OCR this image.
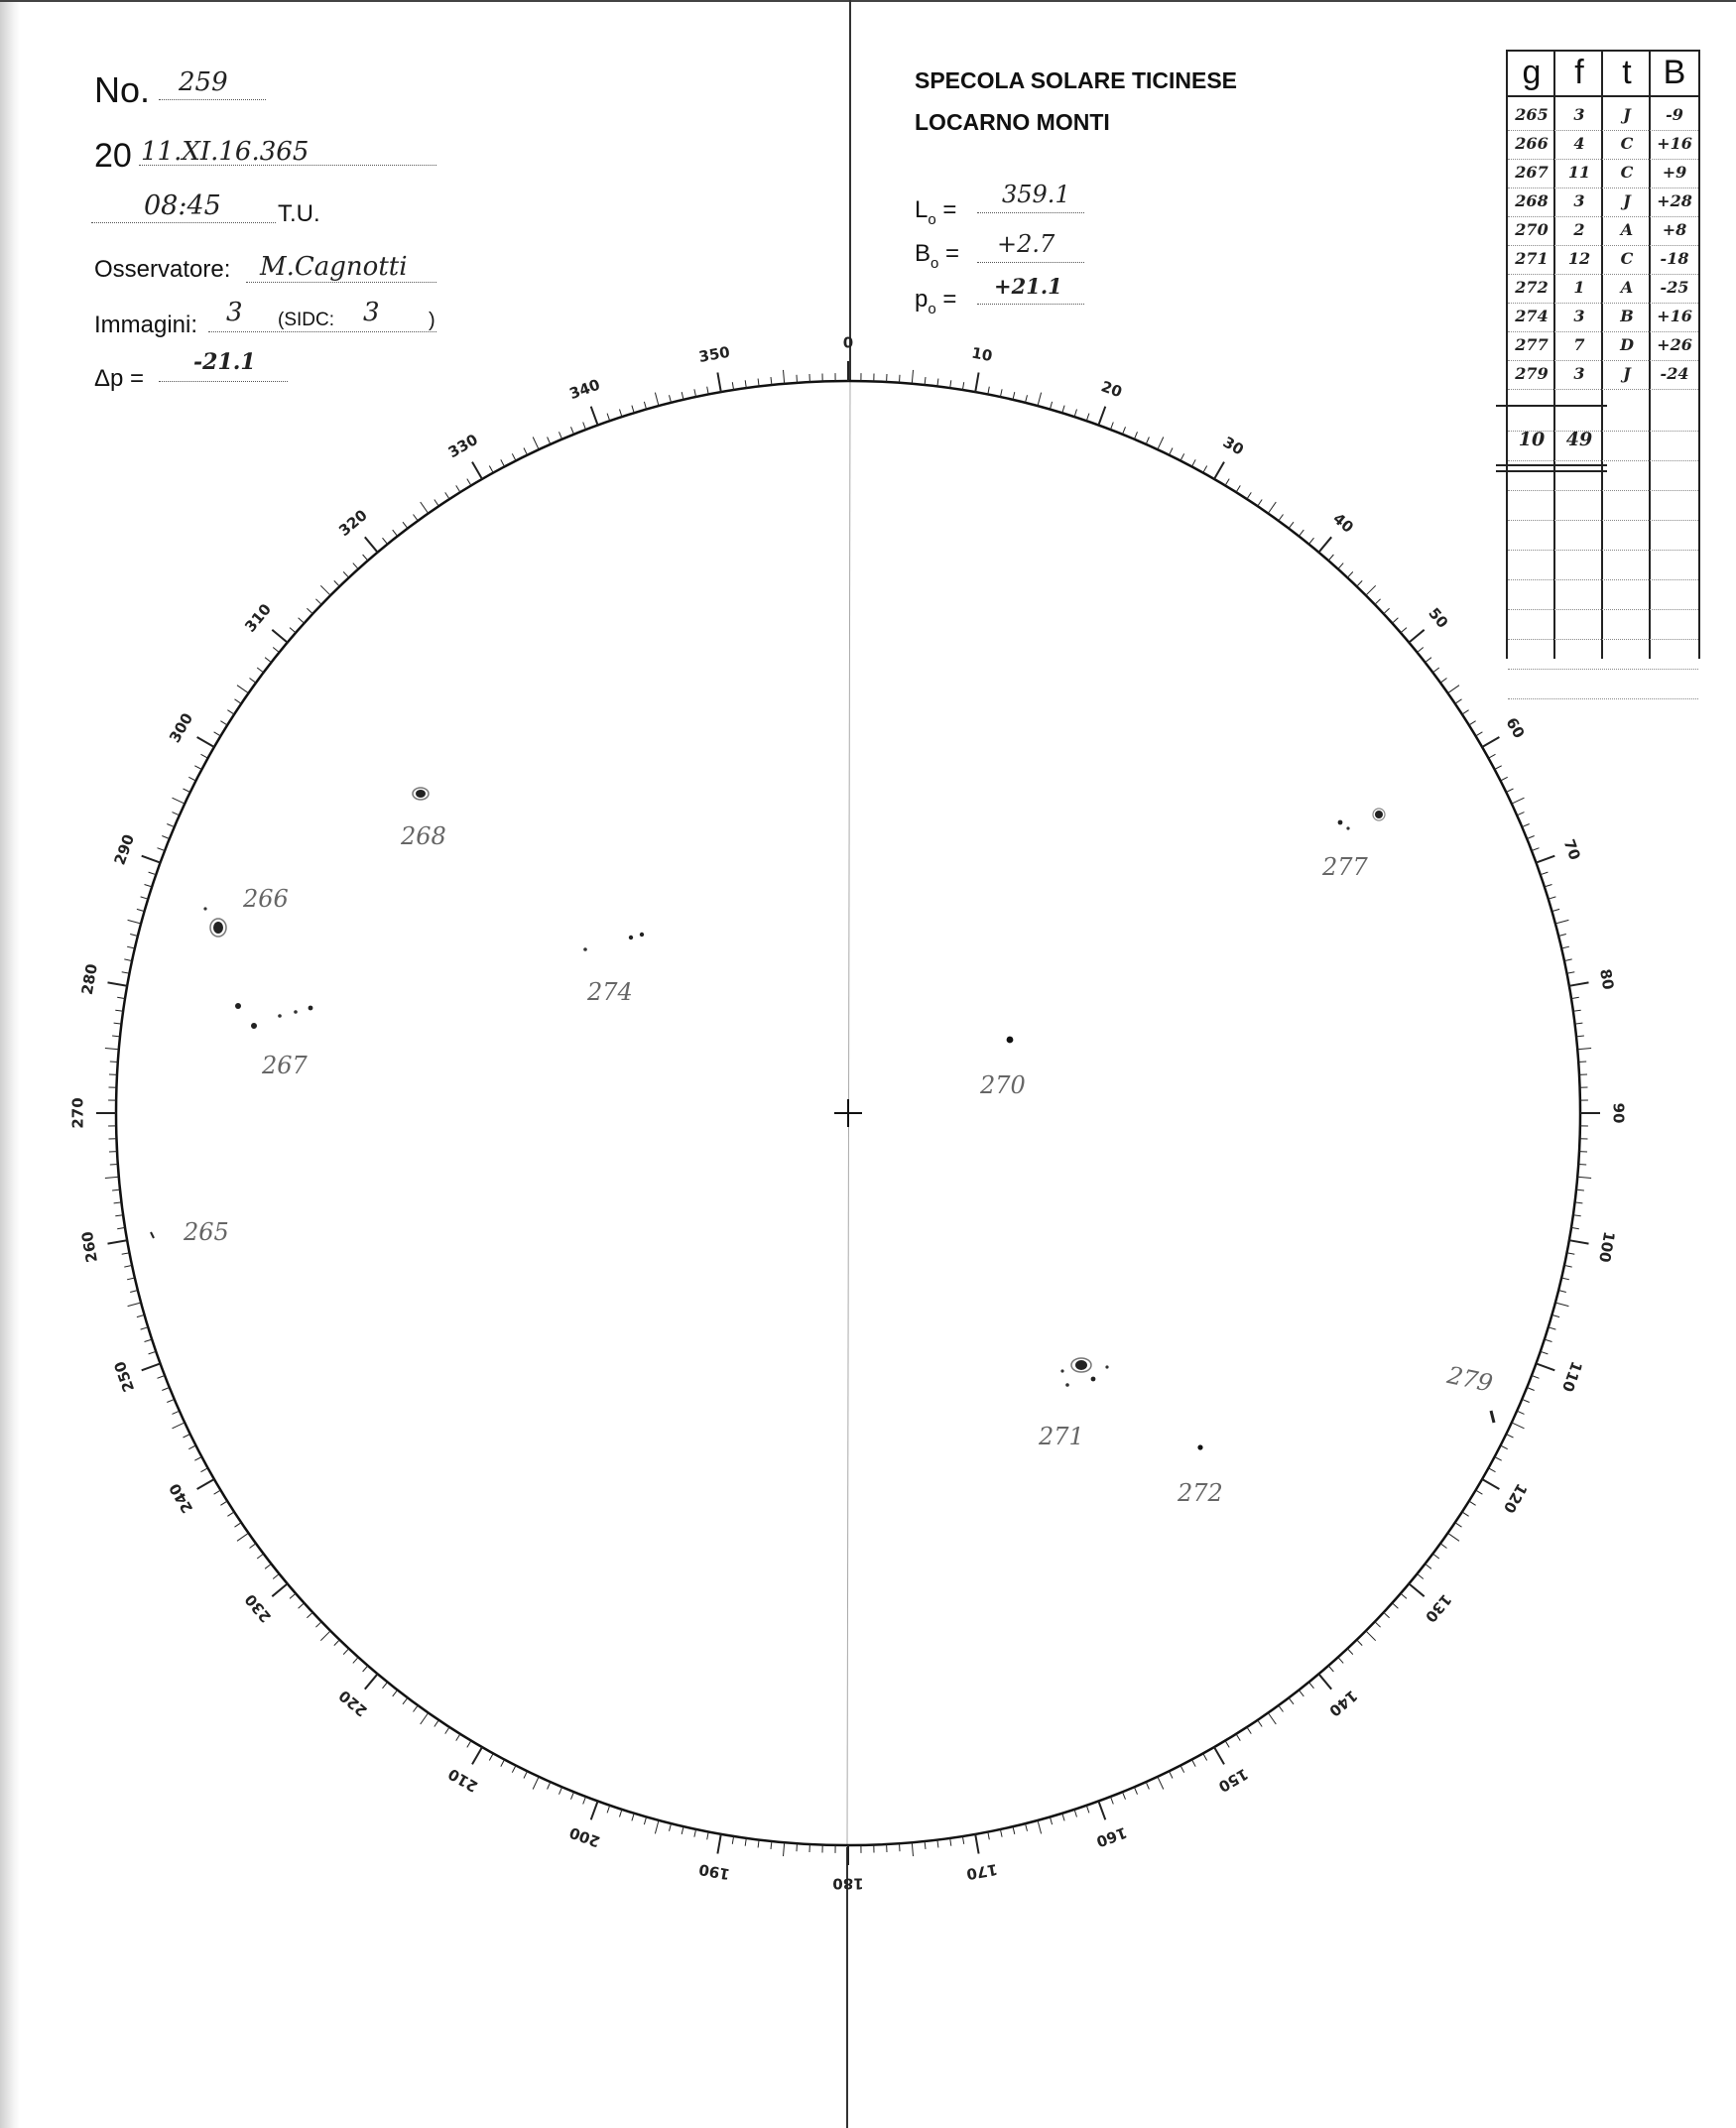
No. 259
20 11.XI.16.365
08:45 T.U.
Osservatore: M.Cagnotti
Immagini: 3 (SIDC: 3 )
Δp =
-21.1
SPECOLA SOLARE TICINESE
LOCARNO MONTI
$L_o$ =
359.1
$B_o = +2.7$
$p_o = +21.1$
g f	t B
265	3	J	-9
266	4	C	+16
267	11	C	+9
268	3	J	+28
270	2	A	+8
271	12	C	-18
272	1	A	-25
274	3	B	+16
277	7	D	+26
279	3	J	-24
10	49
0
10
20
30
40
50
60
70
80
90
100
110
120
130
140
150
160
170
180
190
200
210
220
230
240
250
260
270
280
290
300
310
320
330
340
350
268
266
267
274
265
277
270
271
272
279
